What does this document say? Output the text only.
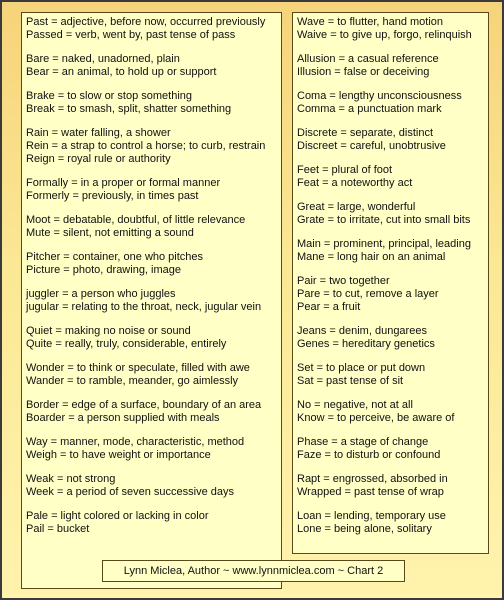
Past = adjective, before now, occurred previously
Passed = verb, went by, past tense of pass
Bare = naked, unadorned, plain
Bear = an animal, to hold up or support
Brake = to slow or stop something
Break = to smash, split, shatter something
Rain = water falling, a shower
Rein = a strap to control a horse; to curb, restrain
Reign = royal rule or authority
Formally = in a proper or formal manner
Formerly = previously, in times past
Moot = debatable, doubtful, of little relevance
Mute = silent, not emitting a sound
Pitcher = container, one who pitches
Picture = photo, drawing, image
juggler = a person who juggles
jugular = relating to the throat, neck, jugular vein
Quiet = making no noise or sound
Quite = really, truly, considerable, entirely
Wonder = to think or speculate, filled with awe
Wander = to ramble, meander, go aimlessly
Border = edge of a surface, boundary of an area
Boarder = a person supplied with meals
Way = manner, mode, characteristic, method
Weigh = to have weight or importance
Weak = not strong
Week = a period of seven successive days
Pale = light colored or lacking in color
Pail = bucket
Wave = to flutter, hand motion
Waive = to give up, forgo, relinquish
Allusion = a casual reference
Illusion = false or deceiving
Coma = lengthy unconsciousness
Comma = a punctuation mark
Discrete = separate, distinct
Discreet = careful, unobtrusive
Feet = plural of foot
Feat = a noteworthy act
Great = large, wonderful
Grate = to irritate, cut into small bits
Main = prominent, principal, leading
Mane = long hair on an animal
Pair = two together
Pare = to cut, remove a layer
Pear = a fruit
Jeans = denim, dungarees
Genes = hereditary genetics
Set = to place or put down
Sat = past tense of sit
No = negative, not at all
Know = to perceive, be aware of
Phase = a stage of change
Faze = to disturb or confound
Rapt = engrossed, absorbed in
Wrapped = past tense of wrap
Loan = lending, temporary use
Lone = being alone, solitary
Lynn Miclea, Author ~ www.lynnmiclea.com ~ Chart 2
